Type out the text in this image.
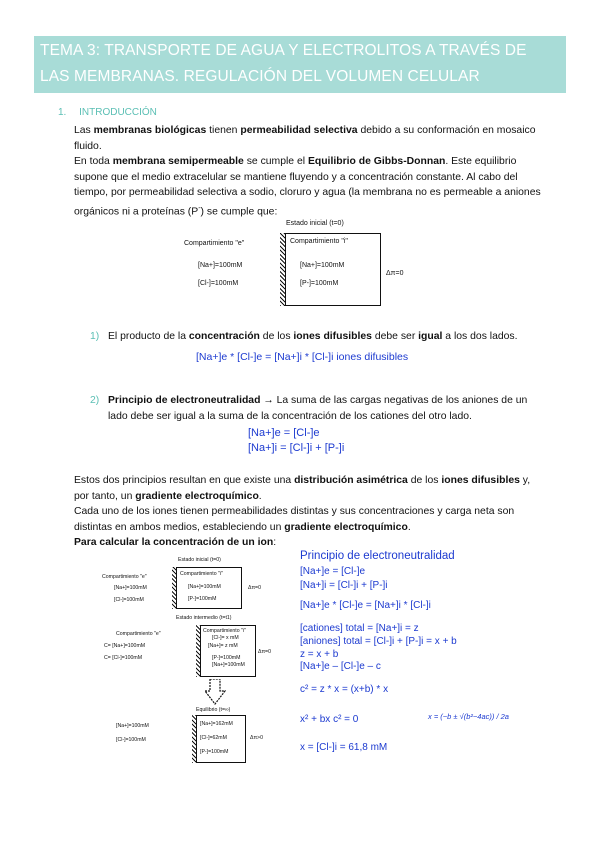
TEMA 3: TRANSPORTE DE AGUA Y ELECTROLITOS A TRAVÉS DE
LAS MEMBRANAS. REGULACIÓN DEL VOLUMEN CELULAR
1. INTRODUCCIÓN
Las membranas biológicas tienen permeabilidad selectiva debido a su conformación en mosaico fluido.
En toda membrana semipermeable se cumple el Equilibrio de Gibbs-Donnan. Este equilibrio supone que el medio extracelular se mantiene fluyendo y a concentración constante. Al cabo del tiempo, por permeabilidad selectiva a sodio, cloruro y agua (la membrana no es permeable a aniones orgánicos ni a proteínas (P-) se cumple que:
Estado inicial (t=0)
Compartimiento "e"
[Na+]=100mM
[Cl-]=100mM
Compartimiento "i"
[Na+]=100mM
[P-]=100mM
Δπ=0
1) El producto de la concentración de los iones difusibles debe ser igual a los dos lados.
[Na+]e * [Cl-]e = [Na+]i * [Cl-]i iones difusibles
2) Principio de electroneutralidad → La suma de las cargas negativas de los aniones de un lado debe ser igual a la suma de la concentración de los cationes del otro lado.
[Na+]e = [Cl-]e
[Na+]i = [Cl-]i + [P-]i
Estos dos principios resultan en que existe una distribución asimétrica de los iones difusibles y, por tanto, un gradiente electroquímico.
Cada uno de los iones tienen permeabilidades distintas y sus concentraciones y carga neta son distintas en ambos medios, estableciendo un gradiente electroquímico.
Para calcular la concentración de un ion:
Estado inicial (t=0)
Compartimiento "e"
[Na+]=100mM
[Cl-]=100mM
Compartimiento "i"
[Na+]=100mM
[P-]=100mM
Δπ=0
Estado intermedio (t=t1)
Compartimiento "e"
C= [Na+]=100mM
C= [Cl-]=100mM
Compartimiento "i"
[Cl-]= x mM
[Na+]= z mM
[P-]=100mM
[Na+]=100mM
Δπ=0
Equilibrio (t=∞)
[Na+]=100mM
[Cl-]=100mM
[Na+]=162mM
[Cl-]=62mM
[P-]=100mM
Δπ>0
Principio de electroneutralidad
[Na+]e = [Cl-]e
[Na+]i = [Cl-]i + [P-]i
[Na+]e * [Cl-]e = [Na+]i * [Cl-]i
[cationes] total = [Na+]i = z
[aniones] total = [Cl-]i + [P-]i = x + b
z = x + b
[Na+]e – [Cl-]e – c
c² = z * x = (x+b) * x
x² + bx c² = 0	x = (−b ± √(b²−4ac)) / 2a
x = [Cl-]i = 61,8 mM
